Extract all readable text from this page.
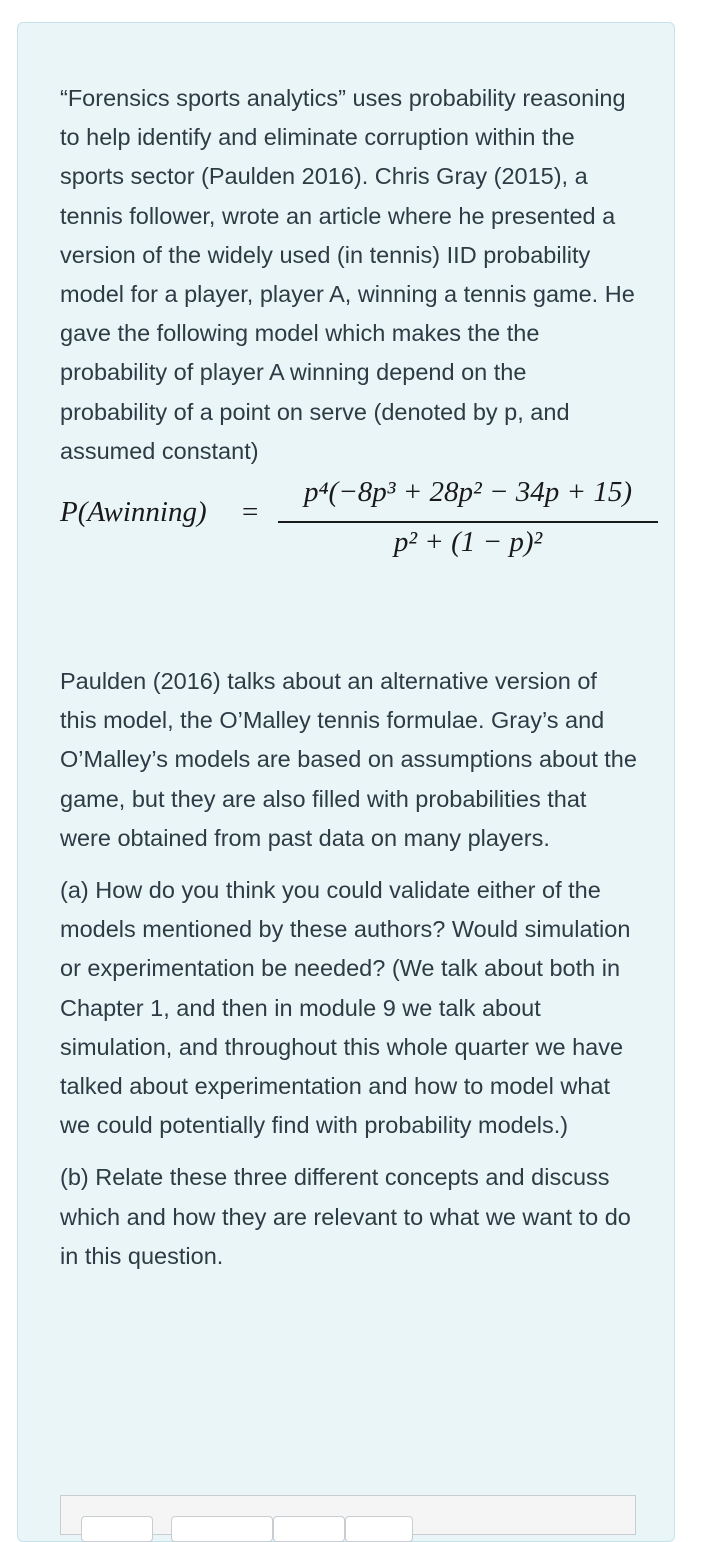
“Forensics sports analytics” uses probability reasoning to help identify and eliminate corruption within the sports sector (Paulden 2016). Chris Gray (2015), a tennis follower, wrote an article where he presented a version of the widely used (in tennis) IID probability model for a player, player A, winning a tennis game. He gave the following model which makes the the probability of player A winning depend on the probability of a point on serve (denoted by p, and assumed constant)

P(Awinning) =
p⁴(−8p³ + 28p² − 34p + 15)
p² + (1 − p)²

Paulden (2016) talks about an alternative version of this model, the O’Malley tennis formulae. Gray’s and O’Malley’s models are based on assumptions about the game, but they are also filled with probabilities that were obtained from past data on many players.

(a) How do you think you could validate either of the models mentioned by these authors? Would simulation or experimentation be needed? (We talk about both in Chapter 1, and then in module 9 we talk about simulation, and throughout this whole quarter we have talked about experimentation and how to model what we could potentially find with probability models.)

(b) Relate these three different concepts and discuss which and how they are relevant to what we want to do in this question.
